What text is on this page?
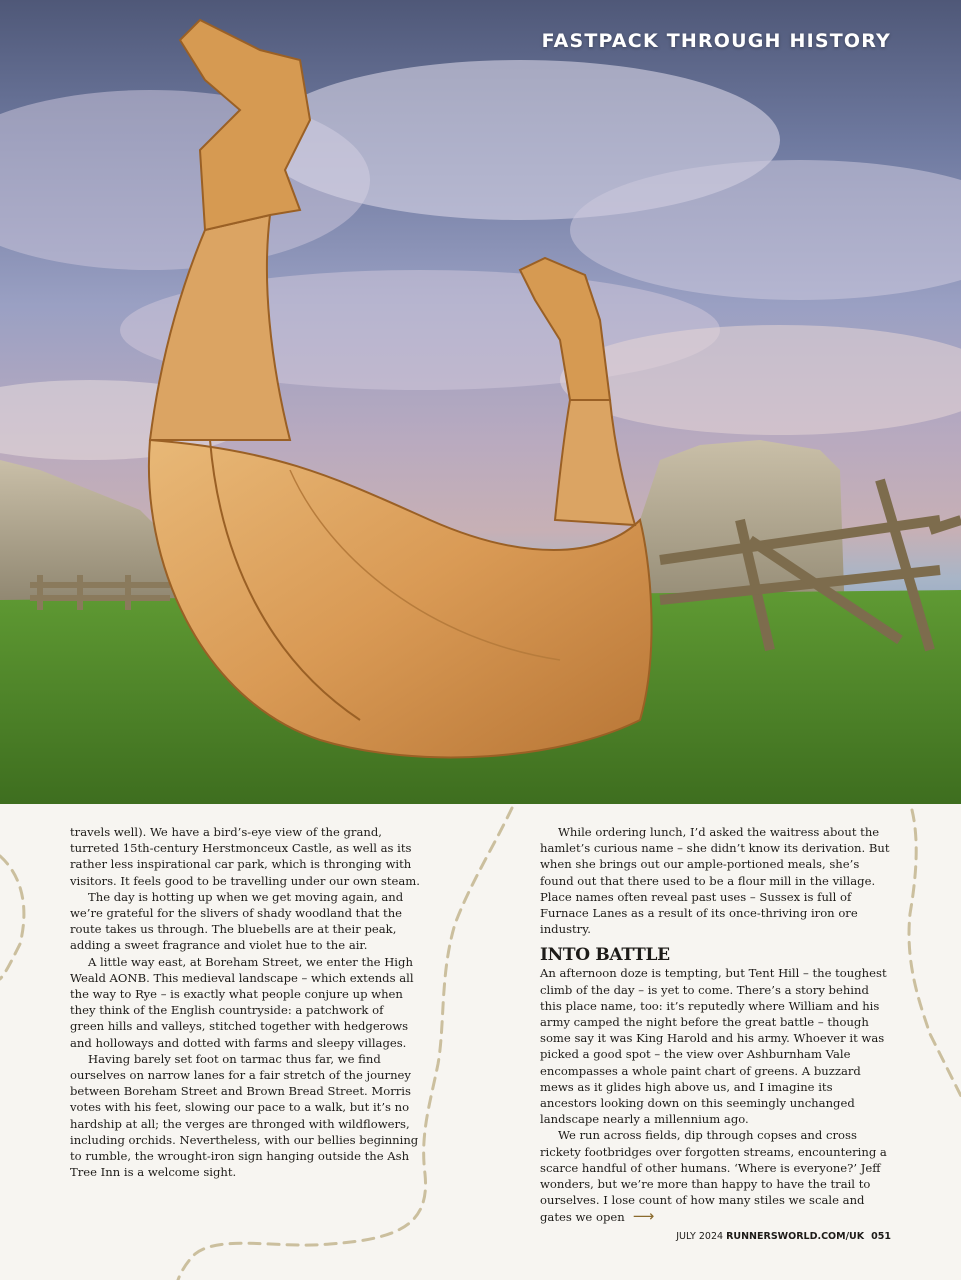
FASTPACK THROUGH HISTORY

travels well). We have a bird’s-eye view of the grand, turreted 15th-century Herstmonceux Castle, as well as its rather less inspirational car park, which is thronging with visitors. It feels good to be travelling under our own steam.

The day is hotting up when we get moving again, and we’re grateful for the slivers of shady woodland that the route takes us through. The bluebells are at their peak, adding a sweet fragrance and violet hue to the air.

A little way east, at Boreham Street, we enter the High Weald AONB. This medieval landscape – which extends all the way to Rye – is exactly what people conjure up when they think of the English countryside: a patchwork of green hills and valleys, stitched together with hedgerows and holloways and dotted with farms and sleepy villages.

Having barely set foot on tarmac thus far, we find ourselves on narrow lanes for a fair stretch of the journey between Boreham Street and Brown Bread Street. Morris votes with his feet, slowing our pace to a walk, but it’s no hardship at all; the verges are thronged with wildflowers, including orchids. Nevertheless, with our bellies beginning to rumble, the wrought-iron sign hanging outside the Ash Tree Inn is a welcome sight.

While ordering lunch, I’d asked the waitress about the hamlet’s curious name – she didn’t know its derivation. But when she brings out our ample-portioned meals, she’s found out that there used to be a flour mill in the village. Place names often reveal past uses – Sussex is full of Furnace Lanes as a result of its once-thriving iron ore industry.

INTO BATTLE

An afternoon doze is tempting, but Tent Hill – the toughest climb of the day – is yet to come. There’s a story behind this place name, too: it’s reputedly where William and his army camped the night before the great battle – though some say it was King Harold and his army. Whoever it was picked a good spot – the view over Ashburnham Vale encompasses a whole paint chart of greens. A buzzard mews as it glides high above us, and I imagine its ancestors looking down on this seemingly unchanged landscape nearly a millennium ago.

We run across fields, dip through copses and cross rickety footbridges over forgotten streams, encountering a scarce handful of other humans. ‘Where is everyone?’ Jeff wonders, but we’re more than happy to have the trail to ourselves. I lose count of how many stiles we scale and gates we open ⟶

JULY 2024 RUNNERSWORLD.COM/UK 051
